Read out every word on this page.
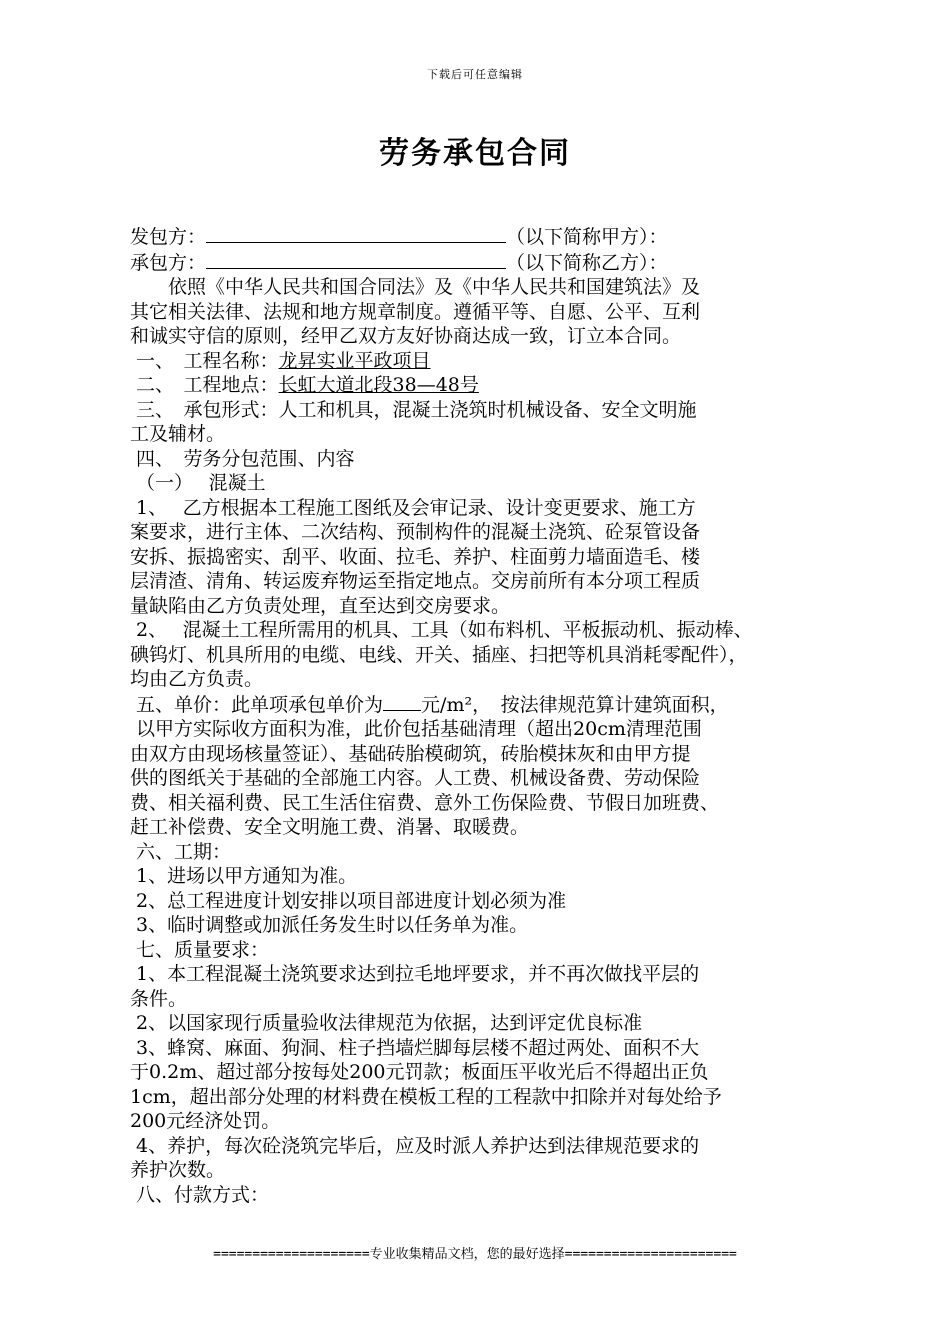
下载后可任意编辑
劳务承包合同
发包方：	（以下简称甲方）：
承包方：	（以下简称乙方）：
　　依照《中华人民共和国合同法》及《中华人民共和国建筑法》及
其它相关法律、法规和地方规章制度。遵循平等、自愿、公平、互利
和诚实守信的原则，经甲乙双方友好协商达成一致，订立本合同。
一、　工程名称：龙昇实业平政项目
二、　工程地点：长虹大道北段38—48号
三、　承包形式：人工和机具，混凝土浇筑时机械设备、安全文明施
工及辅材。
四、　劳务分包范围、内容
（一）　 混凝土
1、　 乙方根据本工程施工图纸及会审记录、设计变更要求、施工方
案要求，进行主体、二次结构、预制构件的混凝土浇筑、砼泵管设备
安拆、振捣密实、刮平、收面、拉毛、养护、柱面剪力墙面造毛、楼
层清渣、清角、转运废弃物运至指定地点。交房前所有本分项工程质
量缺陷由乙方负责处理，直至达到交房要求。
2、　 混凝土工程所需用的机具、工具（如布料机、平板振动机、振动棒、
碘钨灯、机具所用的电缆、电线、开关、插座、扫把等机具消耗零配件），
均由乙方负责。
五、单价：此单项承包单价为 元/m²，　按法律规范算计建筑面积，
以甲方实际收方面积为准，此价包括基础清理（超出20cm清理范围
由双方由现场核量签证）、基础砖胎模砌筑，砖胎模抹灰和由甲方提
供的图纸关于基础的全部施工内容。人工费、机械设备费、劳动保险
费、相关福利费、民工生活住宿费、意外工伤保险费、节假日加班费、
赶工补偿费、安全文明施工费、消暑、取暖费。
六、工期：
1、进场以甲方通知为准。
2、总工程进度计划安排以项目部进度计划必须为准
3、临时调整或加派任务发生时以任务单为准。
七、质量要求：
1、本工程混凝土浇筑要求达到拉毛地坪要求，并不再次做找平层的
条件。
2、以国家现行质量验收法律规范为依据，达到评定优良标准
3、蜂窝、麻面、狗洞、柱子挡墙烂脚每层楼不超过两处、面积不大
于0.2m、超过部分按每处200元罚款；板面压平收光后不得超出正负
1cm，超出部分处理的材料费在模板工程的工程款中扣除并对每处给予
200元经济处罚。
4、养护，每次砼浇筑完毕后，应及时派人养护达到法律规范要求的
养护次数。
八、付款方式：
====================专业收集精品文档，您的最好选择======================
